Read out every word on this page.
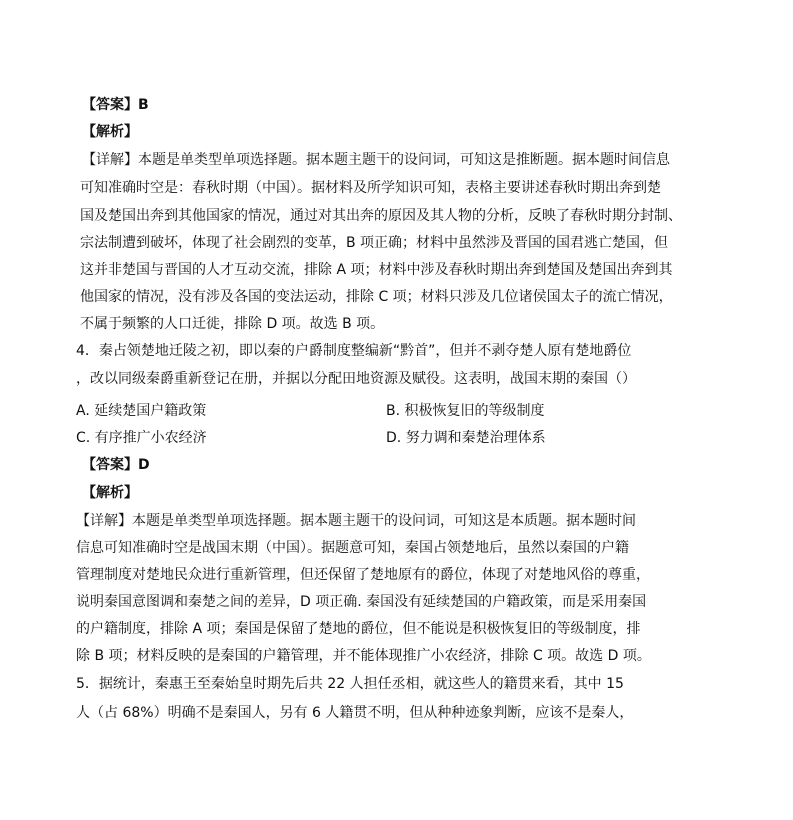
【答案】B
【解析】
【详解】本题是单类型单项选择题。据本题主题干的设问词，可知这是推断题。据本题时间信息
可知准确时空是：春秋时期（中国）。据材料及所学知识可知，表格主要讲述春秋时期出奔到楚
国及楚国出奔到其他国家的情况，通过对其出奔的原因及其人物的分析，反映了春秋时期分封制、
宗法制遭到破坏，体现了社会剧烈的变革，B 项正确；材料中虽然涉及晋国的国君逃亡楚国，但
这并非楚国与晋国的人才互动交流，排除 A 项；材料中涉及春秋时期出奔到楚国及楚国出奔到其
他国家的情况，没有涉及各国的变法运动，排除 C 项；材料只涉及几位诸侯国太子的流亡情况，
不属于频繁的人口迁徙，排除 D 项。故选 B 项。
4．秦占领楚地迁陵之初，即以秦的户爵制度整编新“黔首”，但并不剥夺楚人原有楚地爵位
，改以同级秦爵重新登记在册，并据以分配田地资源及赋役。这表明，战国末期的秦国（）
A. 延续楚国户籍政策	B. 积极恢复旧的等级制度
C. 有序推广小农经济	D. 努力调和秦楚治理体系
【答案】D
【解析】
【详解】本题是单类型单项选择题。据本题主题干的设问词，可知这是本质题。据本题时间
信息可知准确时空是战国末期（中国）。据题意可知，秦国占领楚地后，虽然以秦国的户籍
管理制度对楚地民众进行重新管理，但还保留了楚地原有的爵位，体现了对楚地风俗的尊重，
说明秦国意图调和秦楚之间的差异，D 项正确. 秦国没有延续楚国的户籍政策，而是采用秦国
的户籍制度，排除 A 项；秦国是保留了楚地的爵位，但不能说是积极恢复旧的等级制度，排
除 B 项；材料反映的是秦国的户籍管理，并不能体现推广小农经济，排除 C 项。故选 D 项。
5．据统计，秦惠王至秦始皇时期先后共 22 人担任丞相，就这些人的籍贯来看，其中 15
人（占 68%）明确不是秦国人，另有 6 人籍贯不明，但从种种迹象判断，应该不是秦人，
